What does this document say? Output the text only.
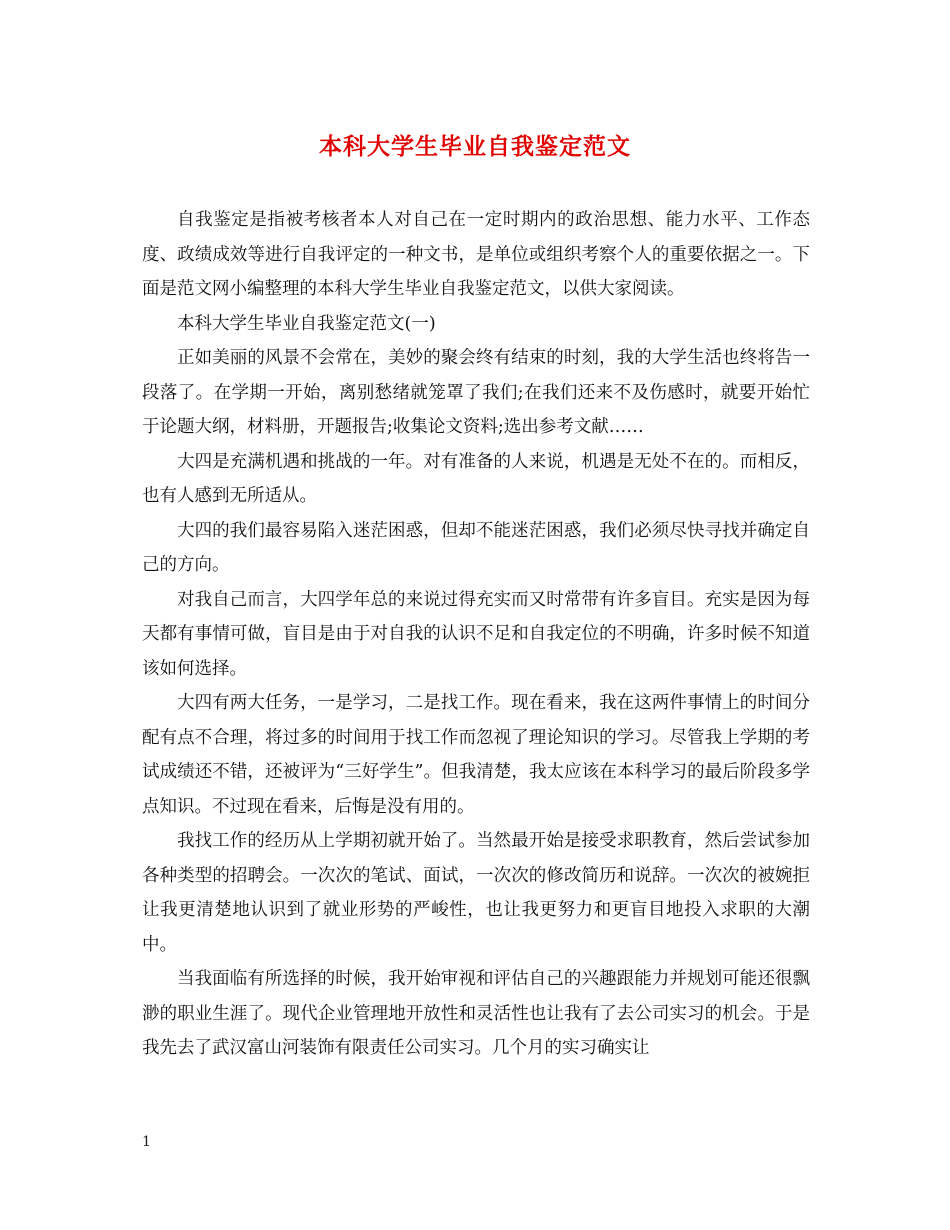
本科大学生毕业自我鉴定范文

自我鉴定是指被考核者本人对自己在一定时期内的政治思想、能力水平、工作态度、政绩成效等进行自我评定的一种文书，是单位或组织考察个人的重要依据之一。下面是范文网小编整理的本科大学生毕业自我鉴定范文，以供大家阅读。

本科大学生毕业自我鉴定范文(一)

正如美丽的风景不会常在，美妙的聚会终有结束的时刻，我的大学生活也终将告一段落了。在学期一开始，离别愁绪就笼罩了我们;在我们还来不及伤感时，就要开始忙于论题大纲，材料册，开题报告;收集论文资料;选出参考文献……

大四是充满机遇和挑战的一年。对有准备的人来说，机遇是无处不在的。而相反，也有人感到无所适从。

大四的我们最容易陷入迷茫困惑，但却不能迷茫困惑，我们必须尽快寻找并确定自己的方向。

对我自己而言，大四学年总的来说过得充实而又时常带有许多盲目。充实是因为每天都有事情可做，盲目是由于对自我的认识不足和自我定位的不明确，许多时候不知道该如何选择。

大四有两大任务，一是学习，二是找工作。现在看来，我在这两件事情上的时间分配有点不合理，将过多的时间用于找工作而忽视了理论知识的学习。尽管我上学期的考试成绩还不错，还被评为“三好学生”。但我清楚，我太应该在本科学习的最后阶段多学点知识。不过现在看来，后悔是没有用的。

我找工作的经历从上学期初就开始了。当然最开始是接受求职教育，然后尝试参加各种类型的招聘会。一次次的笔试、面试，一次次的修改简历和说辞。一次次的被婉拒让我更清楚地认识到了就业形势的严峻性，也让我更努力和更盲目地投入求职的大潮中。

当我面临有所选择的时候，我开始审视和评估自己的兴趣跟能力并规划可能还很飘渺的职业生涯了。现代企业管理地开放性和灵活性也让我有了去公司实习的机会。于是我先去了武汉富山河装饰有限责任公司实习。几个月的实习确实让

1
